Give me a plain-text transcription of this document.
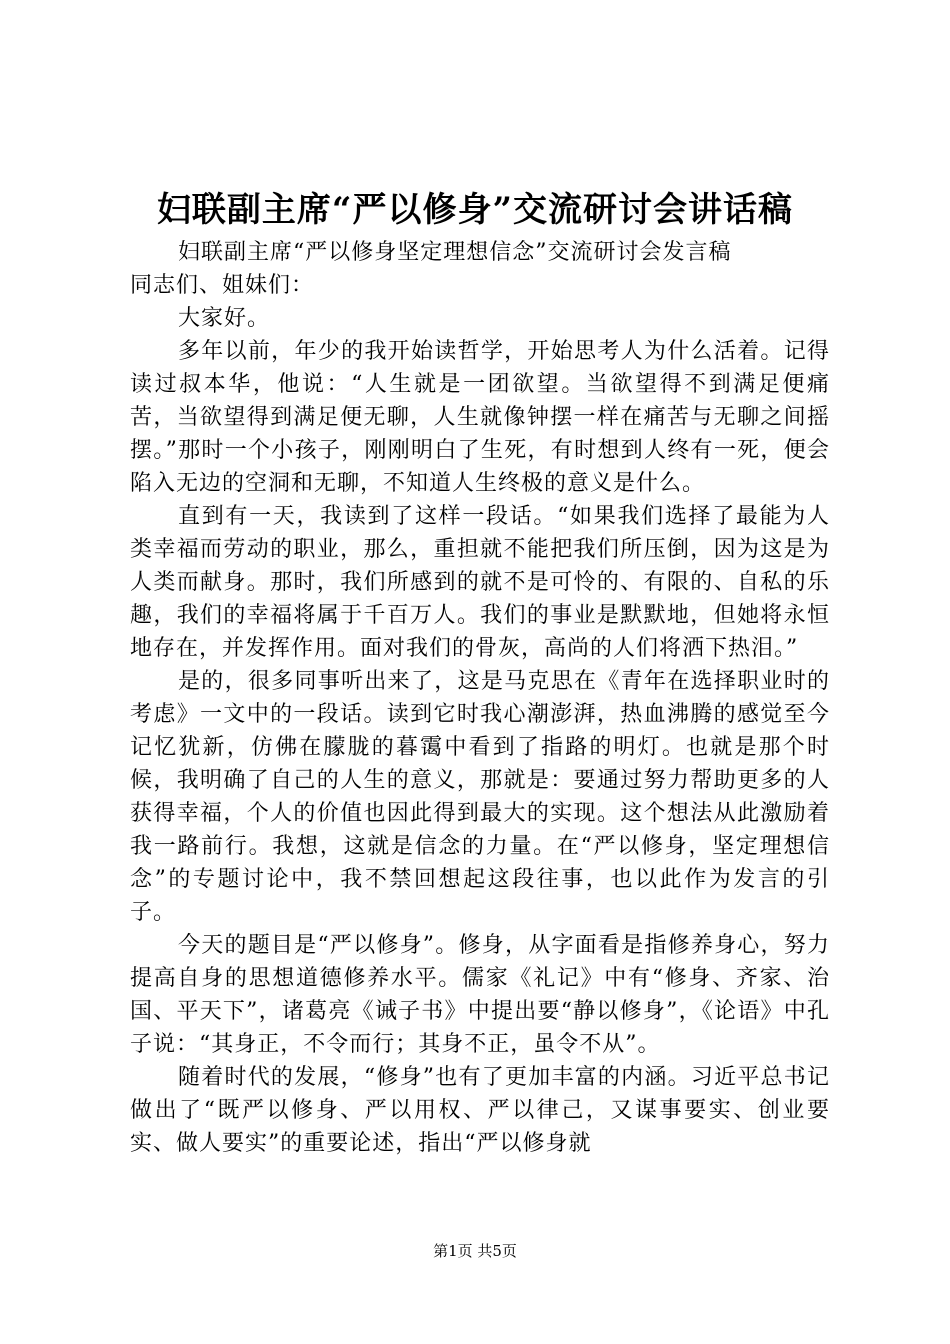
妇联副主席“严以修身”交流研讨会讲话稿

妇联副主席“严以修身坚定理想信念”交流研讨会发言稿

同志们、姐妹们：

大家好。

多年以前，年少的我开始读哲学，开始思考人为什么活着。记得读过叔本华，他说：“人生就是一团欲望。当欲望得不到满足便痛苦，当欲望得到满足便无聊，人生就像钟摆一样在痛苦与无聊之间摇摆。”那时一个小孩子，刚刚明白了生死，有时想到人终有一死，便会陷入无边的空洞和无聊，不知道人生终极的意义是什么。

直到有一天，我读到了这样一段话。“如果我们选择了最能为人类幸福而劳动的职业，那么，重担就不能把我们所压倒，因为这是为人类而献身。那时，我们所感到的就不是可怜的、有限的、自私的乐趣，我们的幸福将属于千百万人。我们的事业是默默地，但她将永恒地存在，并发挥作用。面对我们的骨灰，高尚的人们将洒下热泪。”

是的，很多同事听出来了，这是马克思在《青年在选择职业时的考虑》一文中的一段话。读到它时我心潮澎湃，热血沸腾的感觉至今记忆犹新，仿佛在朦胧的暮霭中看到了指路的明灯。也就是那个时候，我明确了自己的人生的意义，那就是：要通过努力帮助更多的人获得幸福，个人的价值也因此得到最大的实现。这个想法从此激励着我一路前行。我想，这就是信念的力量。在“严以修身，坚定理想信念”的专题讨论中，我不禁回想起这段往事，也以此作为发言的引子。

今天的题目是“严以修身”。修身，从字面看是指修养身心，努力提高自身的思想道德修养水平。儒家《礼记》中有“修身、齐家、治国、平天下”，诸葛亮《诫子书》中提出要“静以修身”，《论语》中孔子说：“其身正，不令而行；其身不正，虽令不从”。

随着时代的发展，“修身”也有了更加丰富的内涵。习近平总书记做出了“既严以修身、严以用权、严以律己，又谋事要实、创业要实、做人要实”的重要论述，指出“严以修身就

第1页 共5页
